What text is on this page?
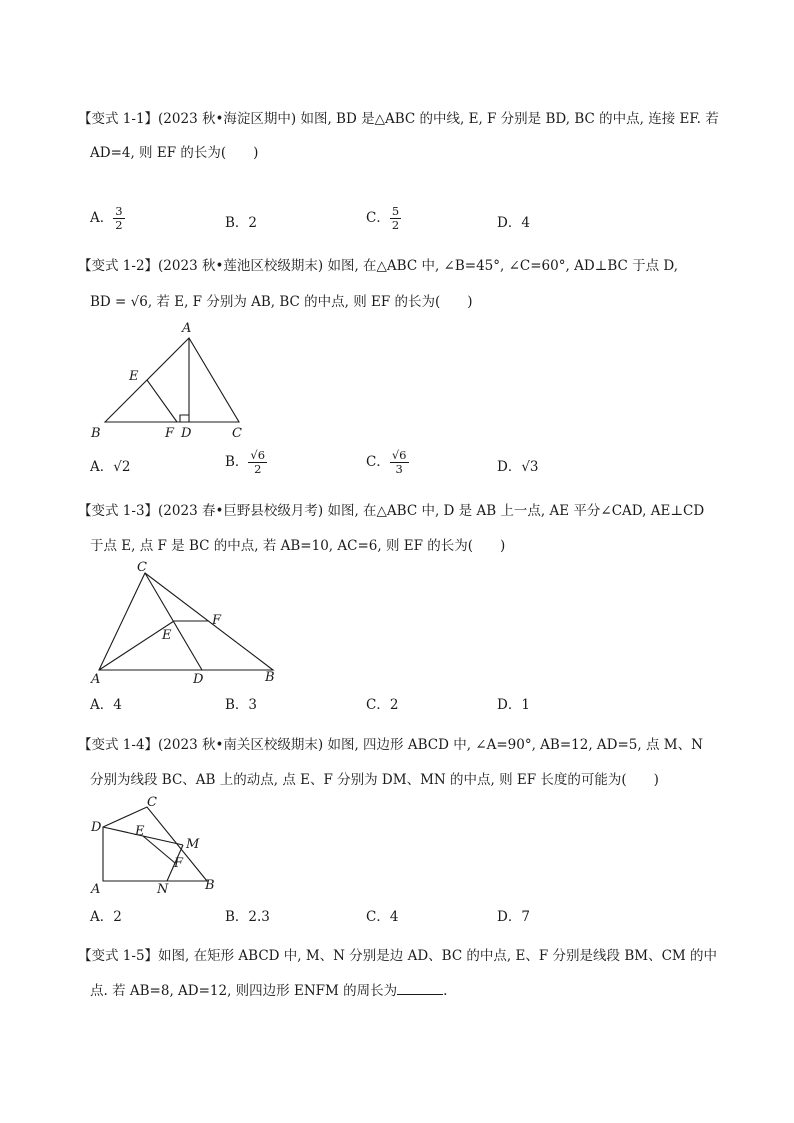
【变式 1-1】(2023 秋•海淀区期中) 如图, BD 是△ABC 的中线, E, F 分别是 BD, BC 的中点, 连接 EF. 若
AD=4, 则 EF 的长为(　　)
A． $\frac{3}{2}$	B．2	C． $\frac{5}{2}$	D．4
【变式 1-2】(2023 秋•莲池区校级期末) 如图, 在△ABC 中, ∠B=45°, ∠C=60°, AD⊥BC 于点 D,
BD = √6, 若 E, F 分别为 AB, BC 的中点, 则 EF 的长为(　　)
A
E
B	F D	C
A．√2	B． $\frac{√6}{2}$	C． $\frac{√6}{3}$	D．√3
【变式 1-3】(2023 春•巨野县校级月考) 如图, 在△ABC 中, D 是 AB 上一点, AE 平分∠CAD, AE⊥CD
于点 E, 点 F 是 BC 的中点, 若 AB=10, AC=6, 则 EF 的长为(　　)
C
F
E
A	D	B
A．4	B．3	C．2	D．1
【变式 1-4】(2023 秋•南关区校级期末) 如图, 四边形 ABCD 中, ∠A=90°, AB=12, AD=5, 点 M、N
分别为线段 BC、AB 上的动点, 点 E、F 分别为 DM、MN 的中点, 则 EF 长度的可能为(　　)
C
D	E
M
F
A	N	B
A．2	B．2.3	C．4	D．7
【变式 1-5】如图, 在矩形 ABCD 中, M、N 分别是边 AD、BC 的中点, E、F 分别是线段 BM、CM 的中
点. 若 AB=8, AD=12, 则四边形 ENFM 的周长为	.
